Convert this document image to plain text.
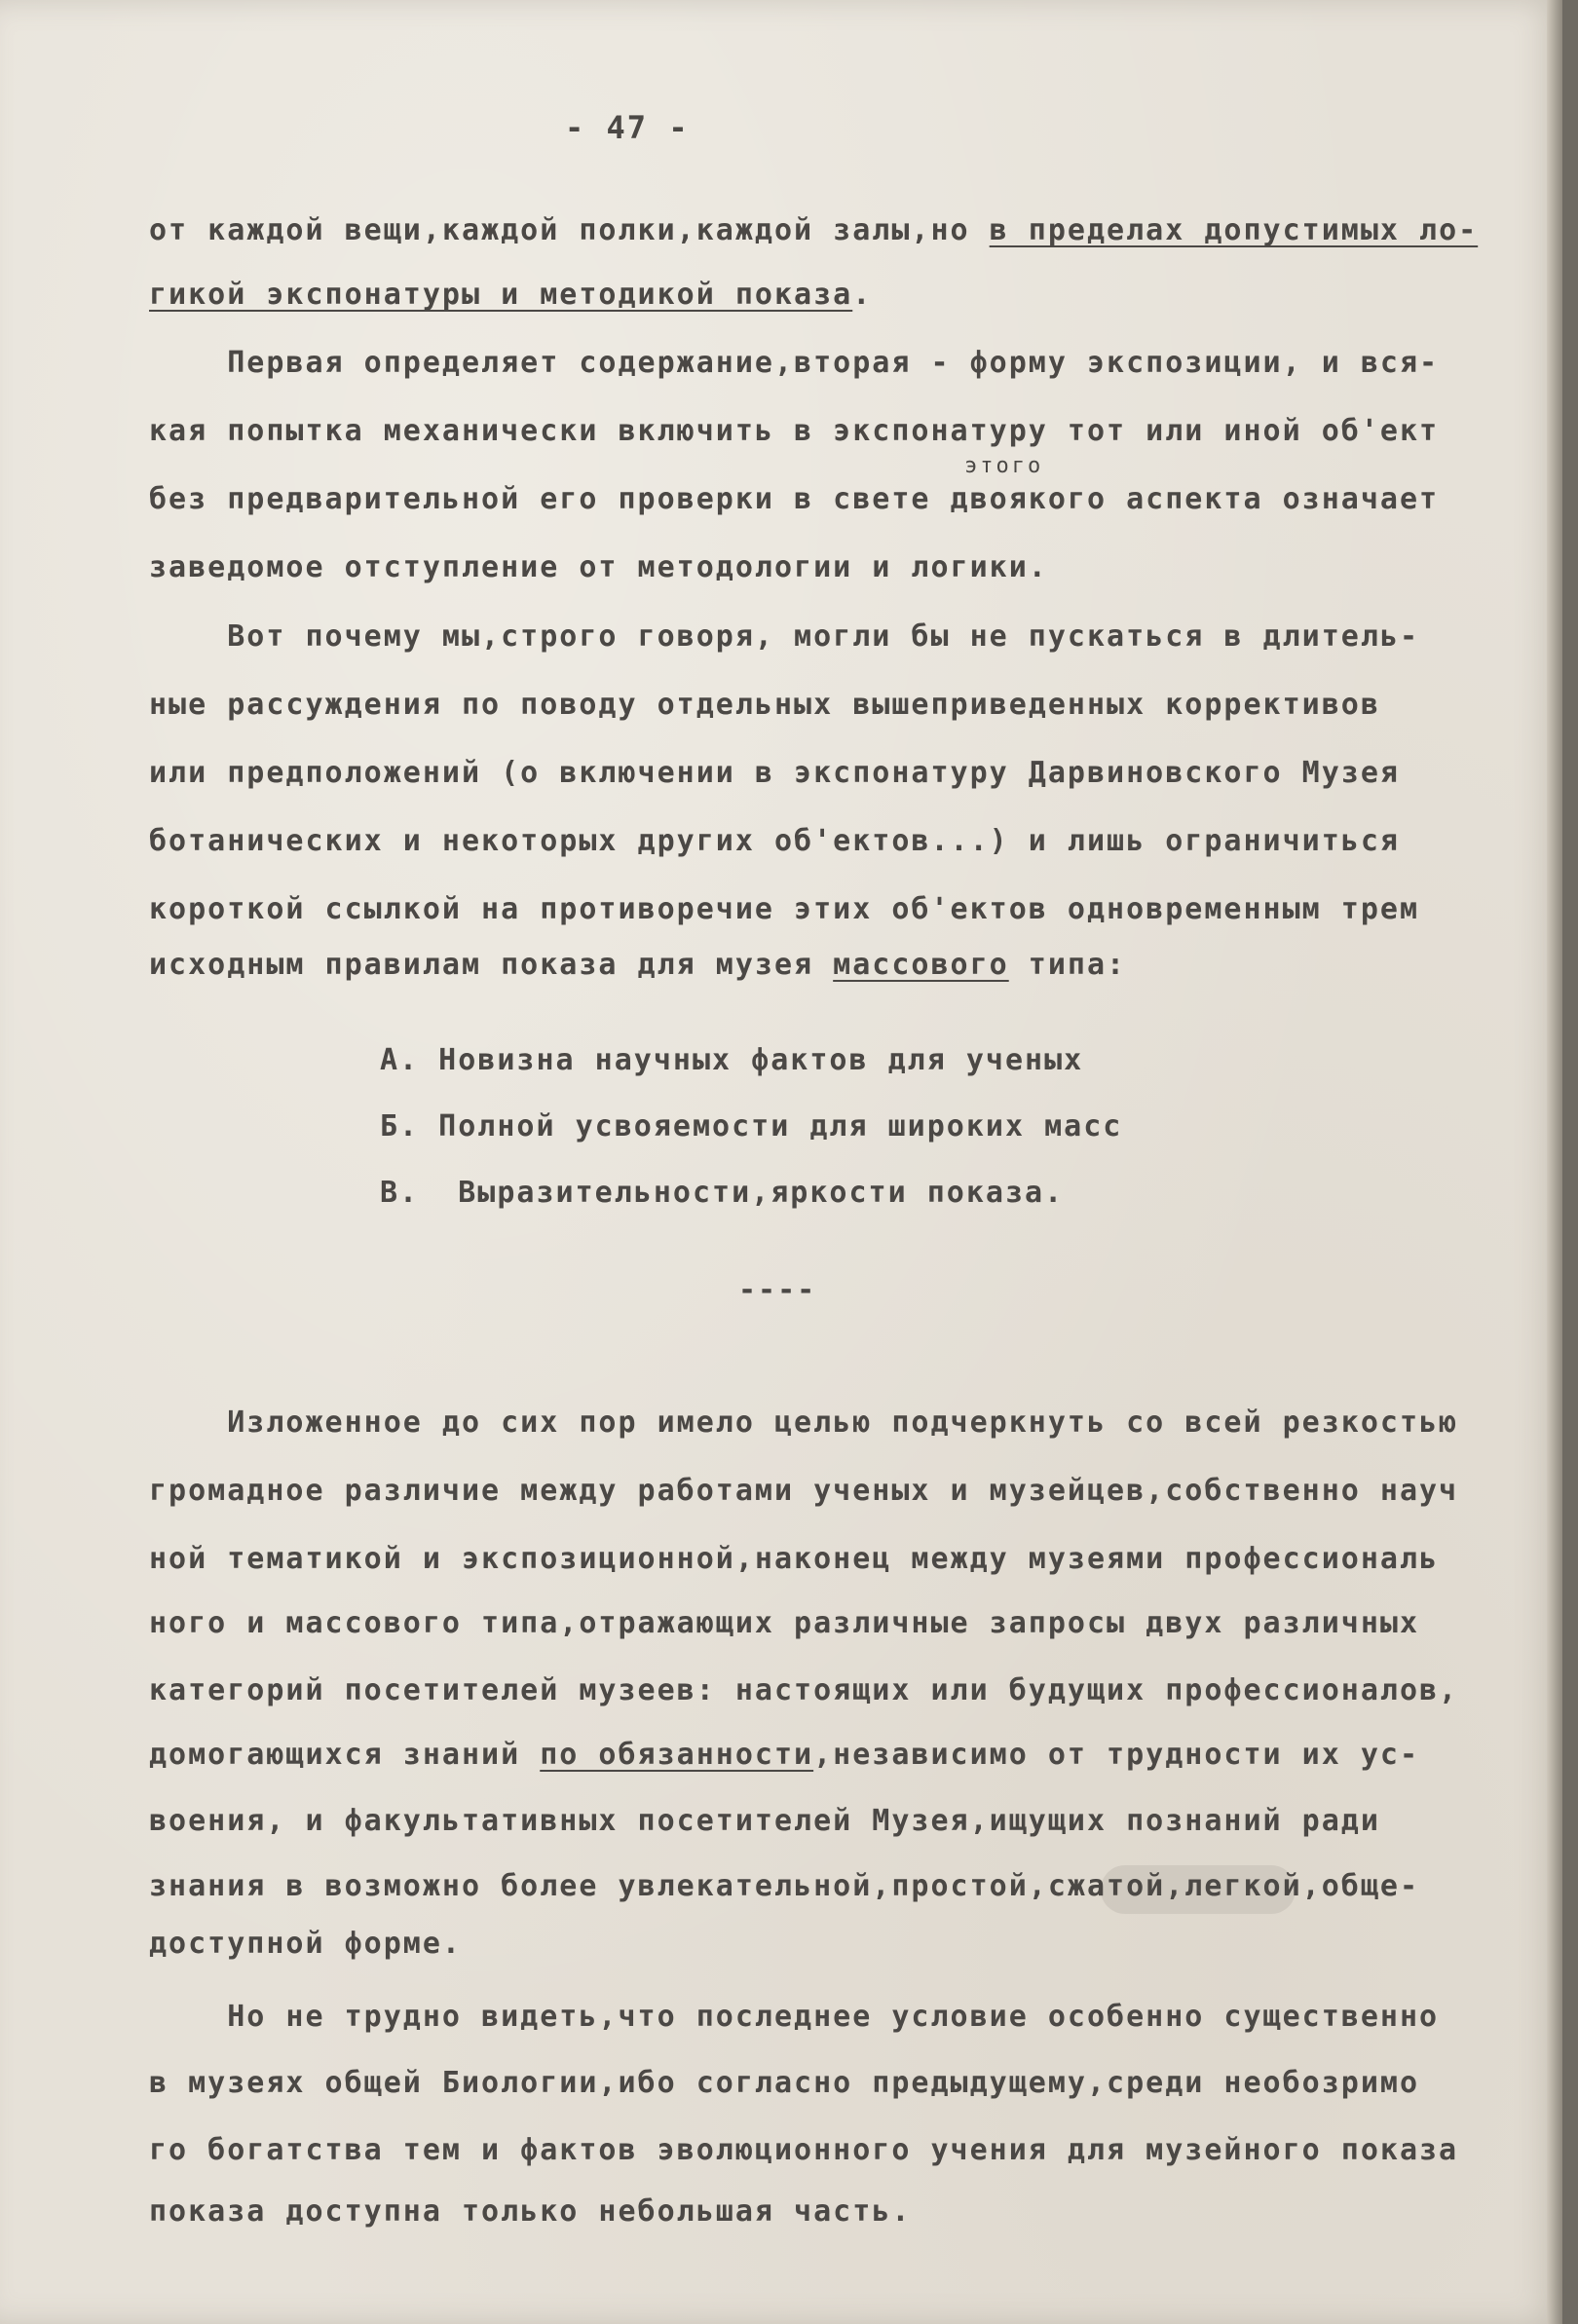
- 47 -
от каждой вещи,каждой полки,каждой залы,но в пределах допустимых ло-
гикой экспонатуры и методикой показа.
Первая определяет содержание,вторая - форму экспозиции, и вся-
кая попытка механически включить в экспонатуру тот или иной об'ект
этого
без предварительной его проверки в свете двоякого аспекта означает
заведомое отступление от методологии и логики.
Вот почему мы,строго говоря, могли бы не пускаться в длитель-
ные рассуждения по поводу отдельных вышеприведенных коррективов
или предположений (о включении в экспонатуру Дарвиновского Музея
ботанических и некоторых других об'ектов...) и лишь ограничиться
короткой ссылкой на противоречие этих об'ектов одновременным трем
исходным правилам показа для музея массового типа:
А. Новизна научных фактов для ученых
Б. Полной усвояемости для широких масс
В.  Выразительности,яркости показа.
----
Изложенное до сих пор имело целью подчеркнуть со всей резкостью
громадное различие между работами ученых и музейцев,собственно науч
ной тематикой и экспозиционной,наконец между музеями профессиональ
ного и массового типа,отражающих различные запросы двух различных
категорий посетителей музеев: настоящих или будущих профессионалов,
домогающихся знаний по обязанности,независимо от трудности их ус-
воения, и факультативных посетителей Музея,ищущих познаний ради
знания в возможно более увлекательной,простой,сжатой,легкой,обще-
доступной форме.
Но не трудно видеть,что последнее условие особенно существенно
в музеях общей Биологии,ибо согласно предыдущему,среди необозримо
го богатства тем и фактов эволюционного учения для музейного показа
показа доступна только небольшая часть.
